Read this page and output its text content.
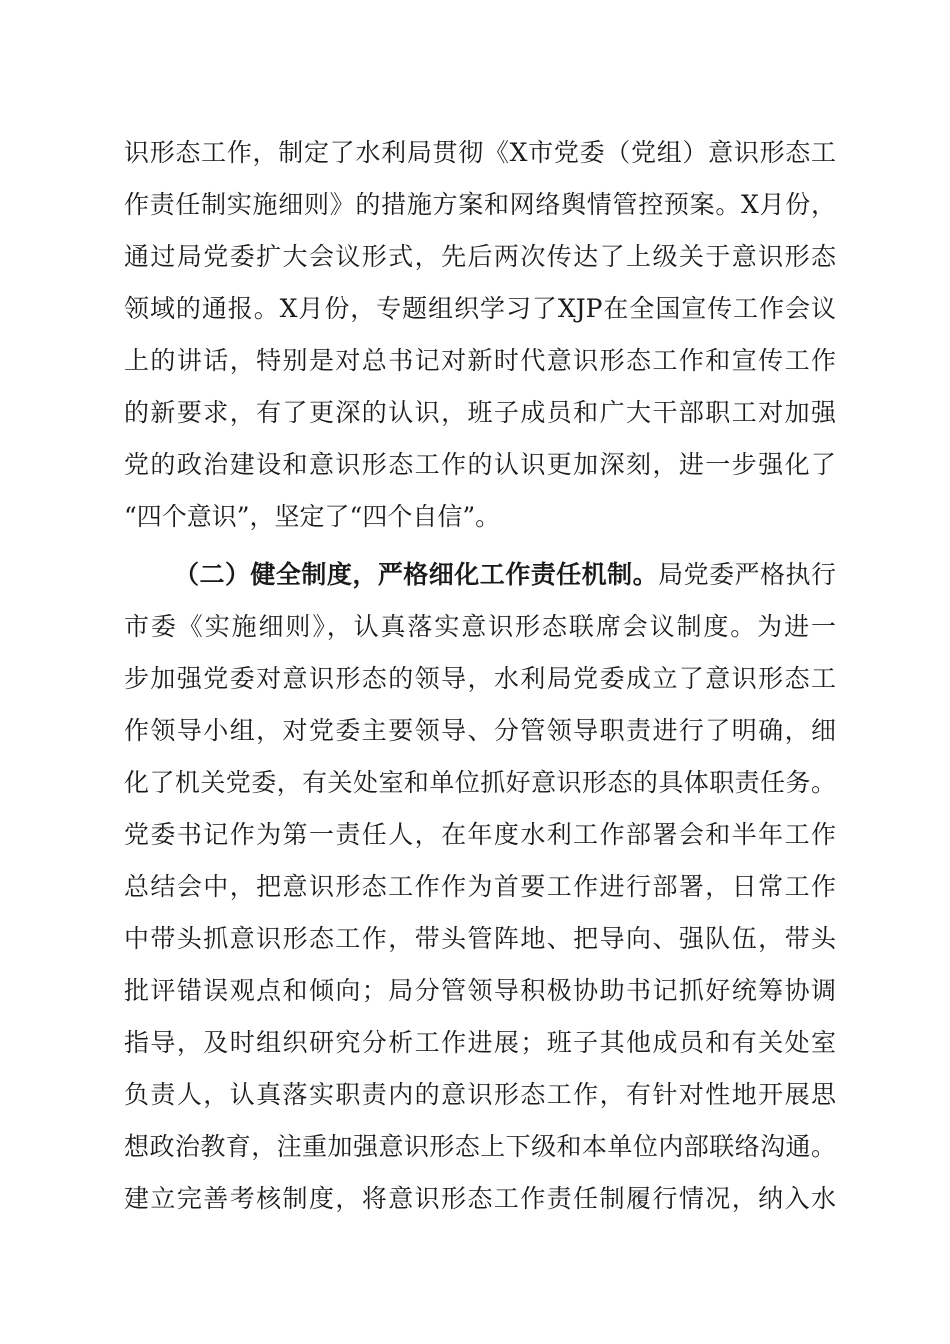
识形态工作，制定了水利局贯彻《X市党委（党组）意识形态工
作责任制实施细则》的措施方案和网络舆情管控预案。X月份，
通过局党委扩大会议形式，先后两次传达了上级关于意识形态
领域的通报。X月份，专题组织学习了XJP在全国宣传工作会议
上的讲话，特别是对总书记对新时代意识形态工作和宣传工作
的新要求，有了更深的认识，班子成员和广大干部职工对加强
党的政治建设和意识形态工作的认识更加深刻，进一步强化了
“四个意识”，坚定了“四个自信”。
（二）健全制度，严格细化工作责任机制。局党委严格执行
市委《实施细则》，认真落实意识形态联席会议制度。为进一
步加强党委对意识形态的领导，水利局党委成立了意识形态工
作领导小组，对党委主要领导、分管领导职责进行了明确，细
化了机关党委，有关处室和单位抓好意识形态的具体职责任务。
党委书记作为第一责任人，在年度水利工作部署会和半年工作
总结会中，把意识形态工作作为首要工作进行部署，日常工作
中带头抓意识形态工作，带头管阵地、把导向、强队伍，带头
批评错误观点和倾向；局分管领导积极协助书记抓好统筹协调
指导，及时组织研究分析工作进展；班子其他成员和有关处室
负责人，认真落实职责内的意识形态工作，有针对性地开展思
想政治教育，注重加强意识形态上下级和本单位内部联络沟通。
建立完善考核制度，将意识形态工作责任制履行情况，纳入水
